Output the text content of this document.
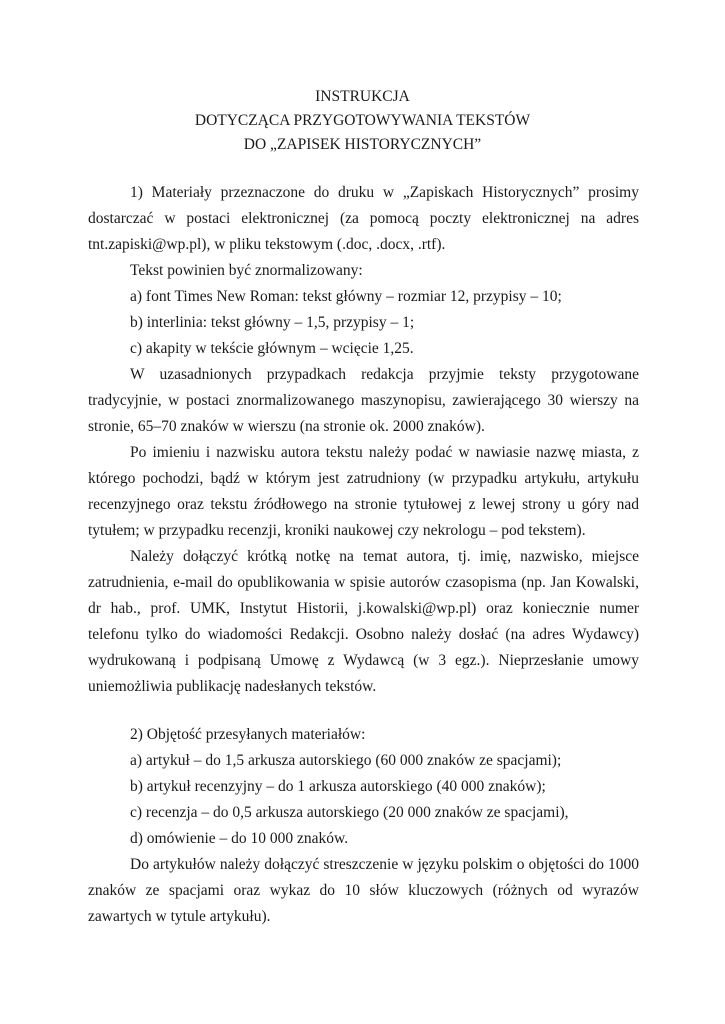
INSTRUKCJA
DOTYCZĄCA PRZYGOTOWYWANIA TEKSTÓW
DO „ZAPISEK HISTORYCZNYCH”

1) Materiały przeznaczone do druku w „Zapiskach Historycznych” prosimy dostarczać w postaci elektronicznej (za pomocą poczty elektronicznej na adres tnt.zapiski@wp.pl), w pliku tekstowym (.doc, .docx, .rtf).

Tekst powinien być znormalizowany:

a) font Times New Roman: tekst główny – rozmiar 12, przypisy – 10;

b) interlinia: tekst główny – 1,5, przypisy – 1;

c) akapity w tekście głównym – wcięcie 1,25.

W uzasadnionych przypadkach redakcja przyjmie teksty przygotowane tradycyjnie, w postaci znormalizowanego maszynopisu, zawierającego 30 wierszy na stronie, 65–70 znaków w wierszu (na stronie ok. 2000 znaków).

Po imieniu i nazwisku autora tekstu należy podać w nawiasie nazwę miasta, z którego pochodzi, bądź w którym jest zatrudniony (w przypadku artykułu, artykułu recenzyjnego oraz tekstu źródłowego na stronie tytułowej z lewej strony u góry nad tytułem; w przypadku recenzji, kroniki naukowej czy nekrologu – pod tekstem).

Należy dołączyć krótką notkę na temat autora, tj. imię, nazwisko, miejsce zatrudnienia, e-mail do opublikowania w spisie autorów czasopisma (np. Jan Kowalski, dr hab., prof. UMK, Instytut Historii, j.kowalski@wp.pl) oraz koniecznie numer telefonu tylko do wiadomości Redakcji. Osobno należy dosłać (na adres Wydawcy) wydrukowaną i podpisaną Umowę z Wydawcą (w 3 egz.). Nieprzesłanie umowy uniemożliwia publikację nadesłanych tekstów.

2) Objętość przesyłanych materiałów:

a) artykuł – do 1,5 arkusza autorskiego (60 000 znaków ze spacjami);

b) artykuł recenzyjny – do 1 arkusza autorskiego (40 000 znaków);

c) recenzja – do 0,5 arkusza autorskiego (20 000 znaków ze spacjami),

d) omówienie – do 10 000 znaków.

Do artykułów należy dołączyć streszczenie w języku polskim o objętości do 1000 znaków ze spacjami oraz wykaz do 10 słów kluczowych (różnych od wyrazów zawartych w tytule artykułu).
